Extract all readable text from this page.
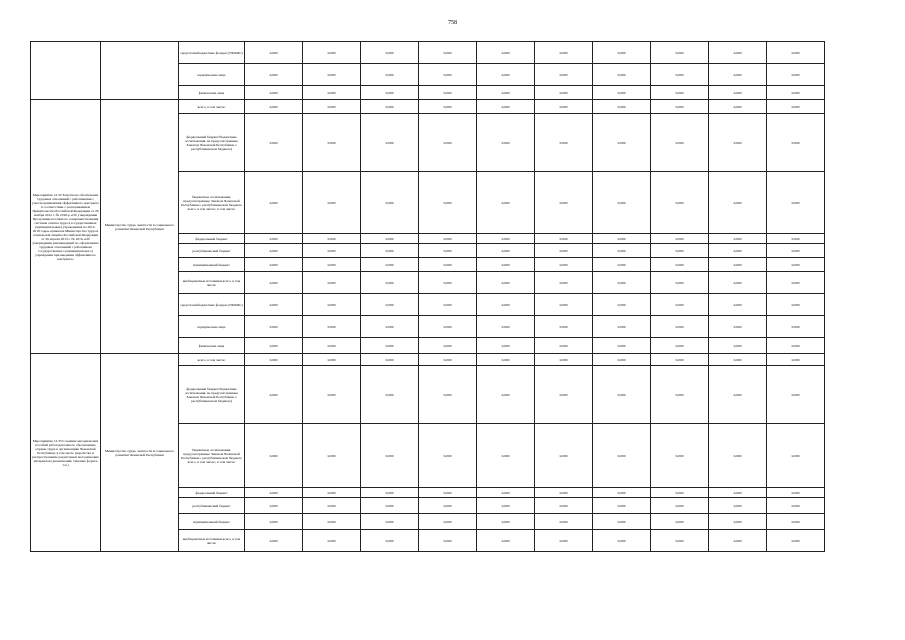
758
		средств внебюджетных фондов (ТФОМС)	0,000	0,000	0,000	0,000	0,000	0,000	0,000	0,000	0,000	0,000
		юридические лица	0,000	0,000	0,000	0,000	0,000	0,000	0,000	0,000	0,000	0,000
		физические лица	0,000	0,000	0,000	0,000	0,000	0,000	0,000	0,000	0,000	0,000
Мероприятие 12.32 Затраты на обеспечение трудовых отношений с работниками с учетом применения эффективного контракта в соответствии с распоряжением Правительства Российской Федерации от 26 ноября 2012 г. № 2190-р «Об утверждении Программы поэтапного совершенствования системы оплаты труда в государственных (муниципальных) учреждениях на 2012-2018 годы» приказом Министерства труда и социальной защиты Российской Федерации от 26 апреля 2013 г. № 167н «Об утверждении рекомендаций по оформлению трудовых отношений с работником государственного (муниципального) учреждения при введении эффективного контракта»	Министерство труда, занятости и социального развития Чеченской Республики	всего, в том числе:	0,000	0,000	0,000	0,000	0,000	0,000	0,000	0,000	0,000	0,000
		федеральный бюджет/бюджетные ассигнования, не предусмотренные Законом Чеченской Республики о республиканском бюджете)	0,000	0,000	0,000	0,000	0,000	0,000	0,000	0,000	0,000	0,000
		бюджетные ассигнования, предусмотренные Законом Чеченской Республики о республиканском бюджете всего, в том числе:, в том числе:	0,000	0,000	0,000	0,000	0,000	0,000	0,000	0,000	0,000	0,000
		федеральный бюджет	0,000	0,000	0,000	0,000	0,000	0,000	0,000	0,000	0,000	0,000
		республиканский бюджет	0,000	0,000	0,000	0,000	0,000	0,000	0,000	0,000	0,000	0,000
		муниципальный бюджет	0,000	0,000	0,000	0,000	0,000	0,000	0,000	0,000	0,000	0,000
		внебюджетные источники всего, в том числе:	0,000	0,000	0,000	0,000	0,000	0,000	0,000	0,000	0,000	0,000
		средств внебюджетных фондов (ТФОМС)	0,000	0,000	0,000	0,000	0,000	0,000	0,000	0,000	0,000	0,000
		юридические лица	0,000	0,000	0,000	0,000	0,000	0,000	0,000	0,000	0,000	0,000
		физические лица	0,000	0,000	0,000	0,000	0,000	0,000	0,000	0,000	0,000	0,000
Мероприятие 12.33 Создание методических пособий работодателям по обеспечению охраны труда в организациях Чеченской Республики, в том числе разработка и распространение раздаточных методических материалов (разъяснений, типовых форм и т.п.)	Министерство труда, занятости и социального развития Чеченской Республики	всего, в том числе:	0,000	0,000	0,000	0,000	0,000	0,000	0,000	0,000	0,000	0,000
		федеральный бюджет/бюджетные ассигнования, не предусмотренные Законом Чеченской Республики о республиканском бюджете)	0,000	0,000	0,000	0,000	0,000	0,000	0,000	0,000	0,000	0,000
		бюджетные ассигнования, предусмотренные Законом Чеченской Республики о республиканском бюджете всего, в том числе:, в том числе:	0,000	0,000	0,000	0,000	0,000	0,000	0,000	0,000	0,000	0,000
		федеральный бюджет	0,000	0,000	0,000	0,000	0,000	0,000	0,000	0,000	0,000	0,000
		республиканский бюджет	0,000	0,000	0,000	0,000	0,000	0,000	0,000	0,000	0,000	0,000
		муниципальный бюджет	0,000	0,000	0,000	0,000	0,000	0,000	0,000	0,000	0,000	0,000
		внебюджетные источники всего, в том числе:	0,000	0,000	0,000	0,000	0,000	0,000	0,000	0,000	0,000	0,000
